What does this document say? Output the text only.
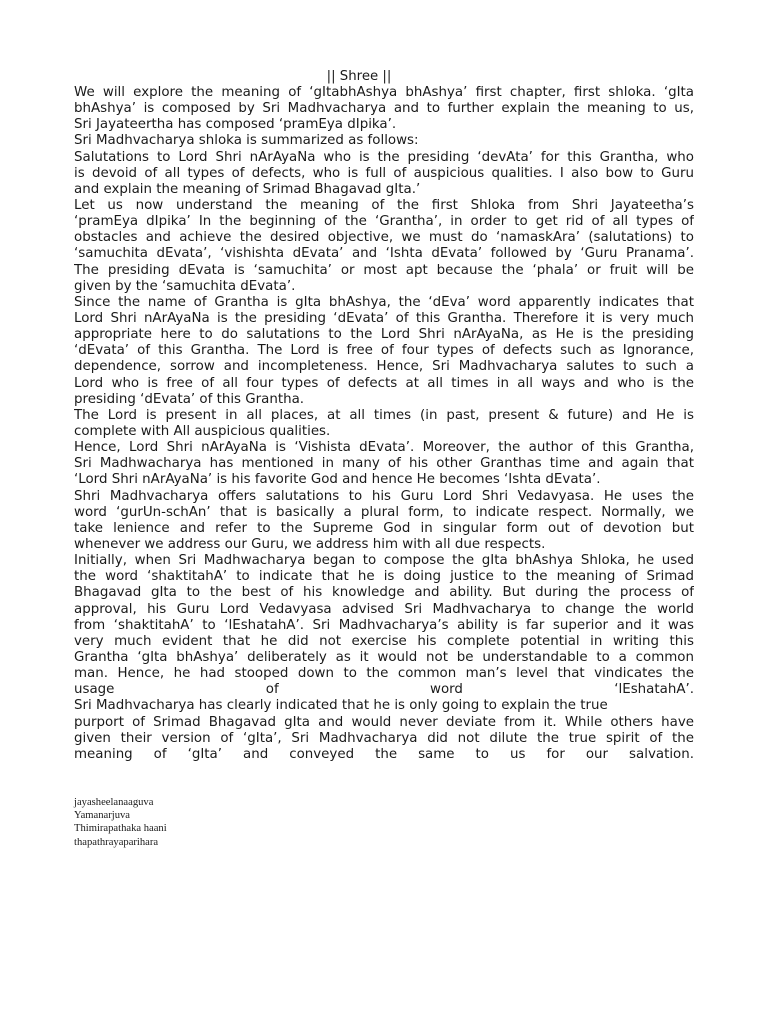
|| Shree ||
We will explore the meaning of ‘gItabhAshya bhAshya’ first chapter, first shloka. ‘gIta
bhAshya’ is composed by Sri Madhvacharya and to further explain the meaning to us,
Sri Jayateertha has composed ‘pramEya dIpika’.
Sri Madhvacharya shloka is summarized as follows:
Salutations to Lord Shri nArAyaNa who is the presiding ‘devAta’ for this Grantha, who
is devoid of all types of defects, who is full of auspicious qualities. I also bow to Guru
and explain the meaning of Srimad Bhagavad gIta.’
Let us now understand the meaning of the first Shloka from Shri Jayateetha’s
‘pramEya dIpika’ In the beginning of the ‘Grantha’, in order to get rid of all types of
obstacles and achieve the desired objective, we must do ‘namaskAra’ (salutations) to
‘samuchita dEvata’, ‘vishishta dEvata’ and ‘Ishta dEvata’ followed by ‘Guru Pranama’.
The presiding dEvata is ‘samuchita’ or most apt because the ‘phala’ or fruit will be
given by the ‘samuchita dEvata’.
Since the name of Grantha is gIta bhAshya, the ‘dEva’ word apparently indicates that
Lord Shri nArAyaNa is the presiding ‘dEvata’ of this Grantha. Therefore it is very much
appropriate here to do salutations to the Lord Shri nArAyaNa, as He is the presiding
‘dEvata’ of this Grantha. The Lord is free of four types of defects such as Ignorance,
dependence, sorrow and incompleteness. Hence, Sri Madhvacharya salutes to such a
Lord who is free of all four types of defects at all times in all ways and who is the
presiding ‘dEvata’ of this Grantha.
The Lord is present in all places, at all times (in past, present & future) and He is
complete with All auspicious qualities.
Hence, Lord Shri nArAyaNa is ‘Vishista dEvata’. Moreover, the author of this Grantha,
Sri Madhwacharya has mentioned in many of his other Granthas time and again that
‘Lord Shri nArAyaNa’ is his favorite God and hence He becomes ‘Ishta dEvata’.
Shri Madhvacharya offers salutations to his Guru Lord Shri Vedavyasa. He uses the
word ‘gurUn-schAn’ that is basically a plural form, to indicate respect. Normally, we
take lenience and refer to the Supreme God in singular form out of devotion but
whenever we address our Guru, we address him with all due respects.
Initially, when Sri Madhwacharya began to compose the gIta bhAshya Shloka, he used
the word ‘shaktitahA’ to indicate that he is doing justice to the meaning of Srimad
Bhagavad gIta to the best of his knowledge and ability. But during the process of
approval, his Guru Lord Vedavyasa advised Sri Madhvacharya to change the world
from ‘shaktitahA’ to ‘lEshatahA’. Sri Madhvacharya’s ability is far superior and it was
very much evident that he did not exercise his complete potential in writing this
Grantha ‘gIta bhAshya’ deliberately as it would not be understandable to a common
man. Hence, he had stooped down to the common man’s level that vindicates the
usage of word ‘lEshatahA’.
Sri Madhvacharya has clearly indicated that he is only going to explain the true
purport of Srimad Bhagavad gIta and would never deviate from it. While others have
given their version of ‘gIta’, Sri Madhvacharya did not dilute the true spirit of the
meaning of ‘gIta’ and conveyed the same to us for our salvation.
jayasheelanaaguva
Yamanarjuva
Thimirapathaka haani
thapathrayaparihara
